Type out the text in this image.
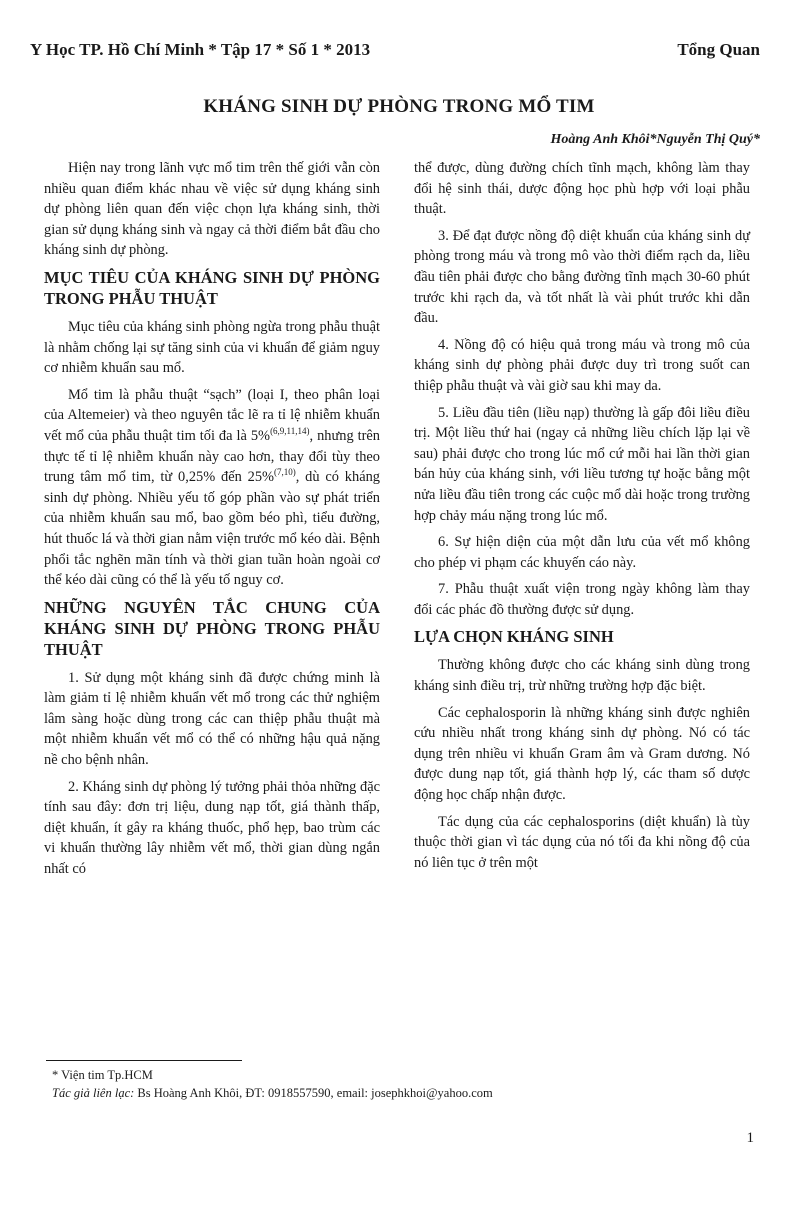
Y Học TP. Hồ Chí Minh * Tập 17 * Số 1 * 2013	Tổng Quan
KHÁNG SINH DỰ PHÒNG TRONG MỔ TIM
Hoàng Anh Khôi*Nguyễn Thị Quý*

Hiện nay trong lãnh vực mổ tim trên thế giới vẫn còn nhiều quan điểm khác nhau về việc sử dụng kháng sinh dự phòng liên quan đến việc chọn lựa kháng sinh, thời gian sử dụng kháng sinh và ngay cả thời điểm bắt đầu cho kháng sinh dự phòng.

MỤC TIÊU CỦA KHÁNG SINH DỰ PHÒNG TRONG PHẪU THUẬT

Mục tiêu của kháng sinh phòng ngừa trong phẫu thuật là nhằm chống lại sự tăng sinh của vi khuẩn để giảm nguy cơ nhiễm khuẩn sau mổ.

Mổ tim là phẫu thuật “sạch” (loại I, theo phân loại của Altemeier) và theo nguyên tắc lẽ ra tỉ lệ nhiễm khuẩn vết mổ của phẫu thuật tim tối đa là 5%$^{(6,9,11,14)}$, nhưng trên thực tế tỉ lệ nhiễm khuẩn này cao hơn, thay đổi tùy theo trung tâm mổ tim, từ 0,25% đến 25%$^{(7,10)}$, dù có kháng sinh dự phòng. Nhiều yếu tố góp phần vào sự phát triển của nhiễm khuẩn sau mổ, bao gồm béo phì, tiểu đường, hút thuốc lá và thời gian nằm viện trước mổ kéo dài. Bệnh phổi tắc nghẽn mãn tính và thời gian tuần hoàn ngoài cơ thể kéo dài cũng có thể là yếu tố nguy cơ.

NHỮNG NGUYÊN TẮC CHUNG CỦA KHÁNG SINH DỰ PHÒNG TRONG PHẪU THUẬT

1. Sử dụng một kháng sinh đã được chứng minh là làm giảm tỉ lệ nhiễm khuẩn vết mổ trong các thử nghiệm lâm sàng hoặc dùng trong các can thiệp phẫu thuật mà một nhiễm khuẩn vết mổ có thể có những hậu quả nặng nề cho bệnh nhân.

2. Kháng sinh dự phòng lý tưởng phải thỏa những đặc tính sau đây: đơn trị liệu, dung nạp tốt, giá thành thấp, diệt khuẩn, ít gây ra kháng thuốc, phổ hẹp, bao trùm các vi khuẩn thường lây nhiễm vết mổ, thời gian dùng ngắn nhất có

thể được, dùng đường chích tĩnh mạch, không làm thay đổi hệ sinh thái, dược động học phù hợp với loại phẫu thuật.

3. Để đạt được nồng độ diệt khuẩn của kháng sinh dự phòng trong máu và trong mô vào thời điểm rạch da, liều đầu tiên phải được cho bằng đường tĩnh mạch 30-60 phút trước khi rạch da, và tốt nhất là vài phút trước khi dẫn đầu.

4. Nồng độ có hiệu quả trong máu và trong mô của kháng sinh dự phòng phải được duy trì trong suốt can thiệp phẫu thuật và vài giờ sau khi may da.

5. Liều đầu tiên (liều nạp) thường là gấp đôi liều điều trị. Một liều thứ hai (ngay cả những liều chích lặp lại về sau) phải được cho trong lúc mổ cứ mỗi hai lần thời gian bán hủy của kháng sinh, với liều tương tự hoặc bằng một nửa liều đầu tiên trong các cuộc mổ dài hoặc trong trường hợp chảy máu nặng trong lúc mổ.

6. Sự hiện diện của một dẫn lưu của vết mổ không cho phép vi phạm các khuyến cáo này.

7. Phẫu thuật xuất viện trong ngày không làm thay đổi các phác đồ thường được sử dụng.

LỰA CHỌN KHÁNG SINH

Thường không được cho các kháng sinh dùng trong kháng sinh điều trị, trừ những trường hợp đặc biệt.

Các cephalosporin là những kháng sinh được nghiên cứu nhiều nhất trong kháng sinh dự phòng. Nó có tác dụng trên nhiều vi khuẩn Gram âm và Gram dương. Nó được dung nạp tốt, giá thành hợp lý, các tham số dược động học chấp nhận được.

Tác dụng của các cephalosporins (diệt khuẩn) là tùy thuộc thời gian vì tác dụng của nó tối đa khi nồng độ của nó liên tục ở trên một

* Viện tim Tp.HCM
Tác giả liên lạc: Bs Hoàng Anh Khôi, ĐT: 0918557590, email: josephkhoi@yahoo.com
1
